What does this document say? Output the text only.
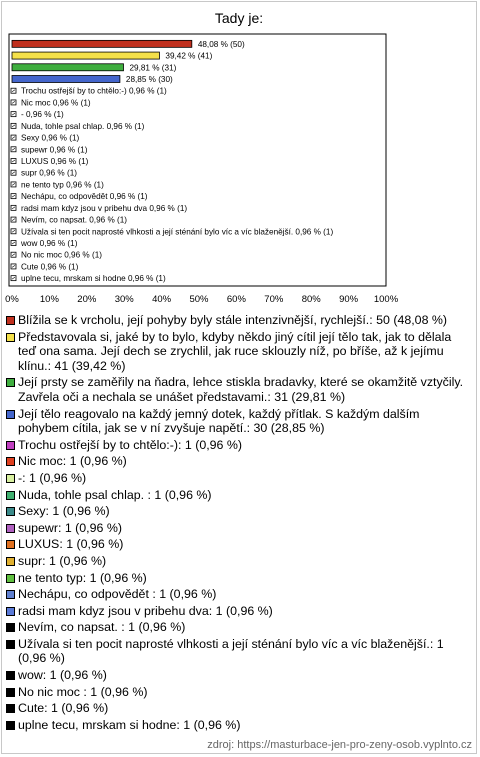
Tady je:
48,08 % (50)
39,42 % (41)
29,81 % (31)
28,85 % (30)
Trochu ostřejší by to chtělo:-) 0,96 % (1)
Nic moc 0,96 % (1)
- 0,96 % (1)
Nuda, tohle psal chlap. 0,96 % (1)
Sexy 0,96 % (1)
supewr 0,96 % (1)
LUXUS 0,96 % (1)
supr 0,96 % (1)
ne tento typ 0,96 % (1)
Nechápu, co odpovědět 0,96 % (1)
radsi mam kdyz jsou v pribehu dva 0,96 % (1)
Nevím, co napsat. 0,96 % (1)
Užívala si ten pocit naprosté vlhkosti a její sténání bylo víc a víc blaženější. 0,96 % (1)
wow 0,96 % (1)
No nic moc 0,96 % (1)
Cute 0,96 % (1)
uplne tecu, mrskam si hodne 0,96 % (1)
0% 10% 20% 30% 40% 50% 60% 70% 80% 90% 100%
Blížila se k vrcholu, její pohyby byly stále intenzivnější, rychlejší.: 50 (48,08 %)
Představovala si, jaké by to bylo, kdyby někdo jiný cítil její tělo tak, jak to dělala teď ona sama. Její dech se zrychlil, jak ruce sklouzly níž, po bříše, až k jejímu klínu.: 41 (39,42 %)
Její prsty se zaměřily na ňadra, lehce stiskla bradavky, které se okamžitě vztyčily. Zavřela oči a nechala se unášet představami.: 31 (29,81 %)
Její tělo reagovalo na každý jemný dotek, každý přítlak. S každým dalším pohybem cítila, jak se v ní zvyšuje napětí.: 30 (28,85 %)
Trochu ostřejší by to chtělo:-): 1 (0,96 %)
Nic moc: 1 (0,96 %)
-: 1 (0,96 %)
Nuda, tohle psal chlap. : 1 (0,96 %)
Sexy: 1 (0,96 %)
supewr: 1 (0,96 %)
LUXUS: 1 (0,96 %)
supr: 1 (0,96 %)
ne tento typ: 1 (0,96 %)
Nechápu, co odpovědět : 1 (0,96 %)
radsi mam kdyz jsou v pribehu dva: 1 (0,96 %)
Nevím, co napsat. : 1 (0,96 %)
Užívala si ten pocit naprosté vlhkosti a její sténání bylo víc a víc blaženější.: 1 (0,96 %)
wow: 1 (0,96 %)
No nic moc : 1 (0,96 %)
Cute: 1 (0,96 %)
uplne tecu, mrskam si hodne: 1 (0,96 %)
zdroj: https://masturbace-jen-pro-zeny-osob.vyplnto.cz
